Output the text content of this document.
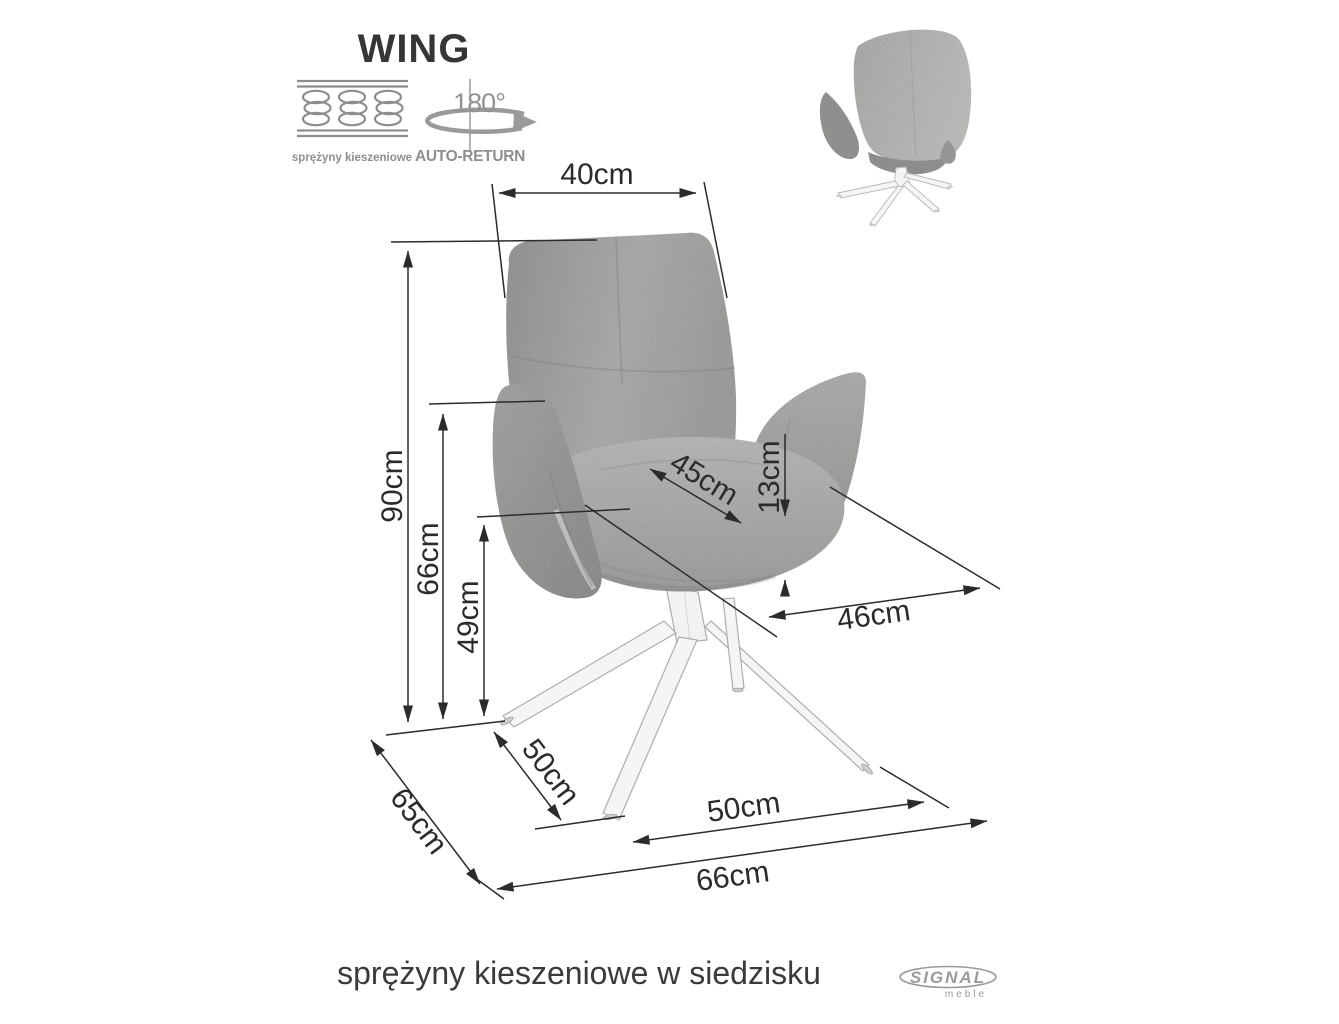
WING
sprężyny kieszeniowe
180°
AUTO-RETURN
40cm
90cm
66cm
49cm
45cm 13cm
46cm
65cm
50cm	50cm
66cm
sprężyny kieszeniowe w siedzisku	SIGNAL
meble
